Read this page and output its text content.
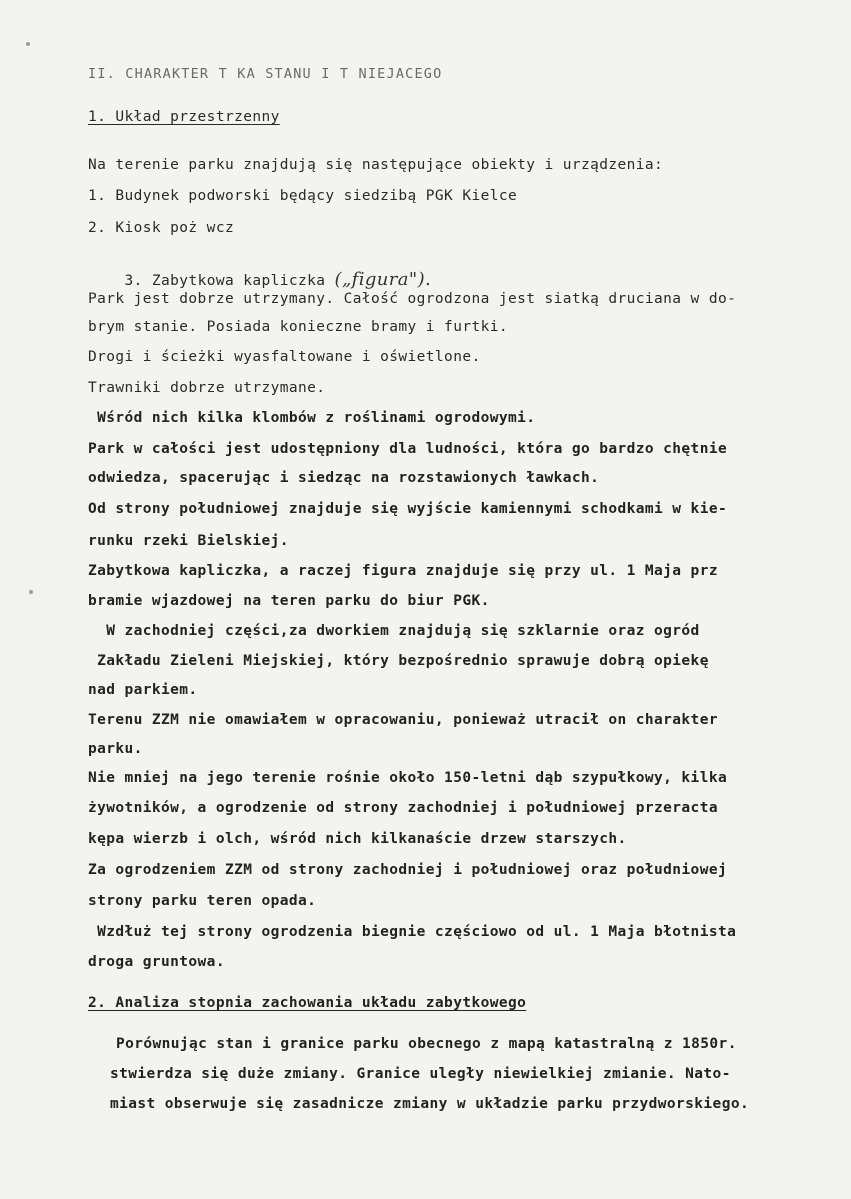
II. CHARAKTER T KA STANU I T NIEJACEGO
1. Układ przestrzenny
Na terenie parku znajdują się następujące obiekty i urządzenia:
1. Budynek podworski będący siedzibą PGK Kielce
2. Kiosk poż wcz

3. Zabytkowa kapliczka („figura").

Park jest dobrze utrzymany. Całość ogrodzona jest siatką druciana w do-
brym stanie. Posiada konieczne bramy i furtki.
Drogi i ścieżki wyasfaltowane i oświetlone.
Trawniki dobrze utrzymane.
Wśród nich kilka klombów z roślinami ogrodowymi.
Park w całości jest udostępniony dla ludności, która go bardzo chętnie
odwiedza, spacerując i siedząc na rozstawionych ławkach.
Od strony południowej znajduje się wyjście kamiennymi schodkami w kie-
runku rzeki Bielskiej.
Zabytkowa kapliczka, a raczej figura znajduje się przy ul. 1 Maja prz
bramie wjazdowej na teren parku do biur PGK.
W zachodniej części,za dworkiem znajdują się szklarnie oraz ogród
Zakładu Zieleni Miejskiej, który bezpośrednio sprawuje dobrą opiekę
nad parkiem.
Terenu ZZM nie omawiałem w opracowaniu, ponieważ utracił on charakter
parku.
Nie mniej na jego terenie rośnie około 150-letni dąb szypułkowy, kilka
żywotników, a ogrodzenie od strony zachodniej i południowej przeracta
kępa wierzb i olch, wśród nich kilkanaście drzew starszych.
Za ogrodzeniem ZZM od strony zachodniej i południowej oraz południowej
strony parku teren opada.
Wzdłuż tej strony ogrodzenia biegnie częściowo od ul. 1 Maja błotnista
droga gruntowa.
2. Analiza stopnia zachowania układu zabytkowego
Porównując stan i granice parku obecnego z mapą katastralną z 1850r.
stwierdza się duże zmiany. Granice uległy niewielkiej zmianie. Nato-
miast obserwuje się zasadnicze zmiany w układzie parku przydworskiego.
